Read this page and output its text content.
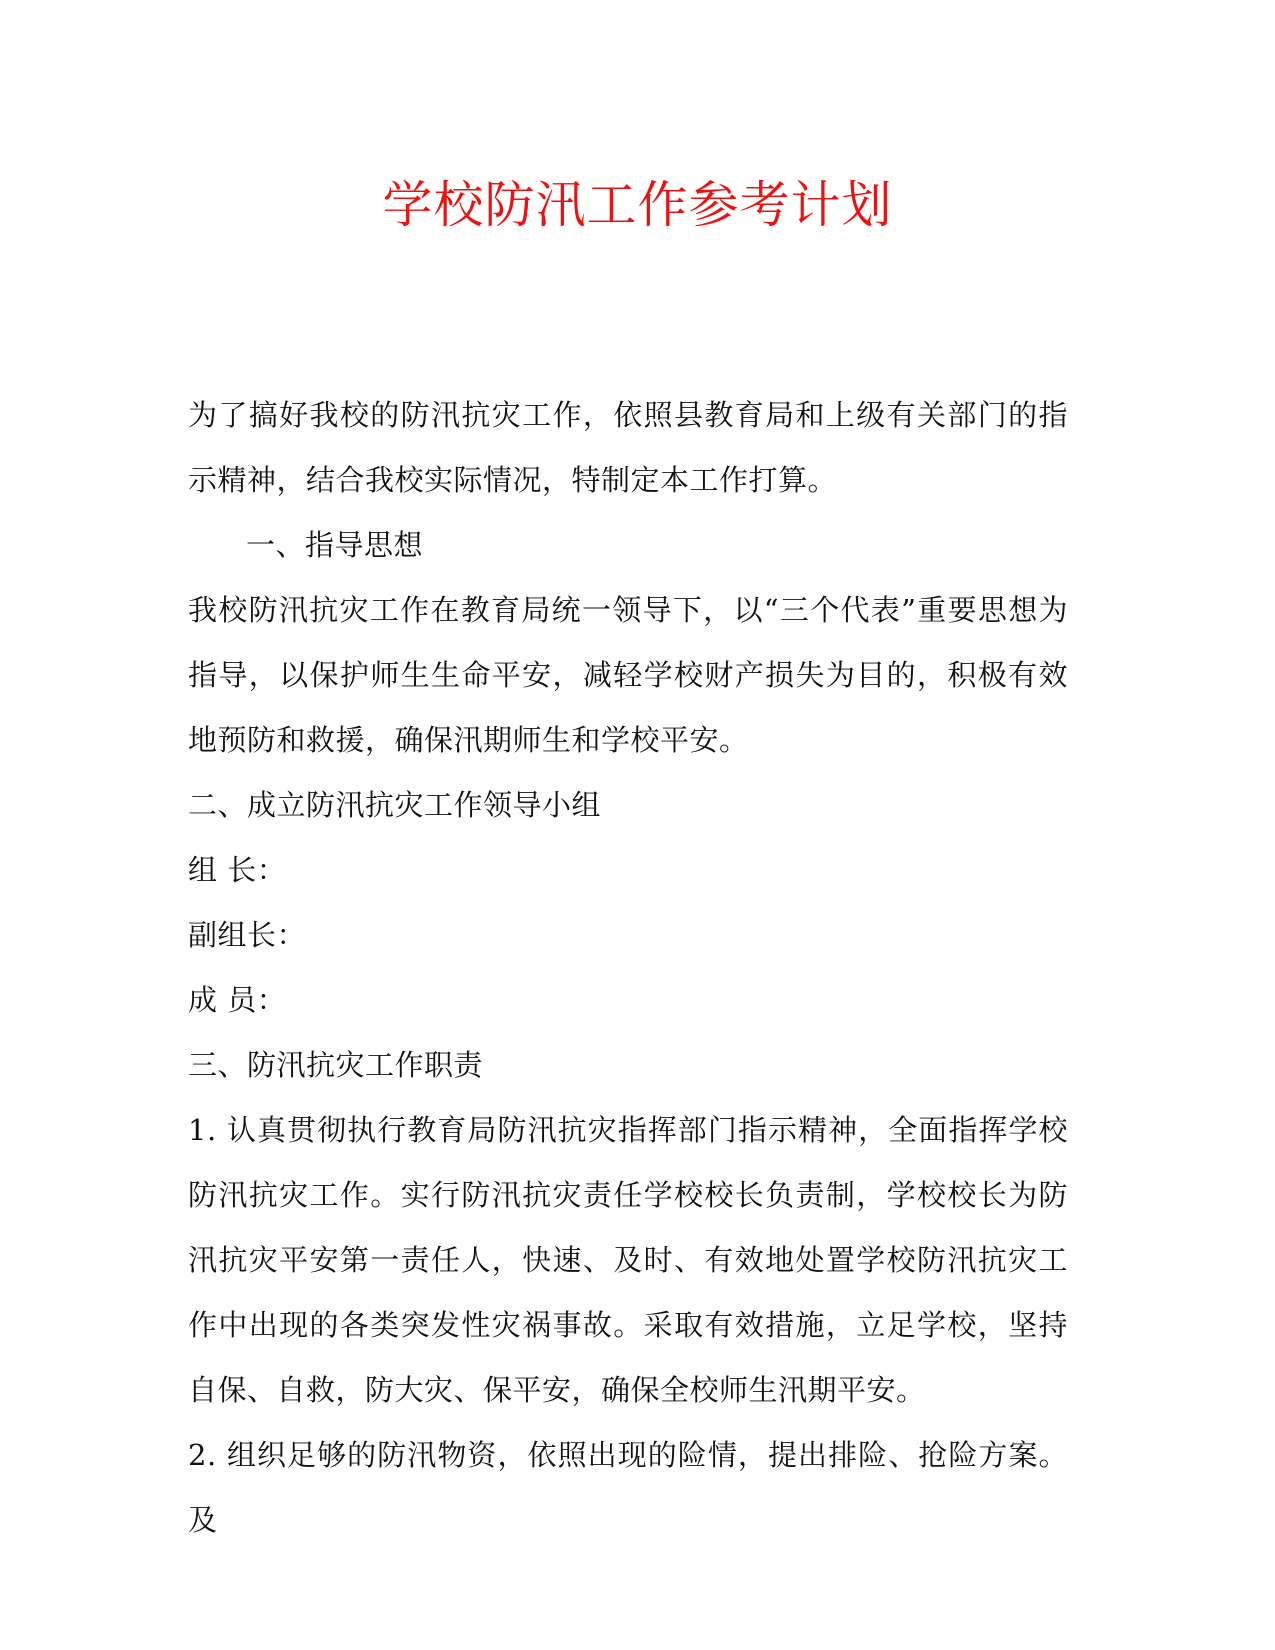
学校防汛工作参考计划

为了搞好我校的防汛抗灾工作，依照县教育局和上级有关部门的指示精神，结合我校实际情况，特制定本工作打算。

一、指导思想

我校防汛抗灾工作在教育局统一领导下，以“三个代表”重要思想为指导，以保护师生生命平安，减轻学校财产损失为目的，积极有效地预防和救援，确保汛期师生和学校平安。

二、成立防汛抗灾工作领导小组

组 长：

副组长：

成 员：

三、防汛抗灾工作职责

1. 认真贯彻执行教育局防汛抗灾指挥部门指示精神，全面指挥学校防汛抗灾工作。实行防汛抗灾责任学校校长负责制，学校校长为防汛抗灾平安第一责任人，快速、及时、有效地处置学校防汛抗灾工作中出现的各类突发性灾祸事故。采取有效措施，立足学校，坚持自保、自救，防大灾、保平安，确保全校师生汛期平安。

2. 组织足够的防汛物资，依照出现的险情，提出排险、抢险方案。及
